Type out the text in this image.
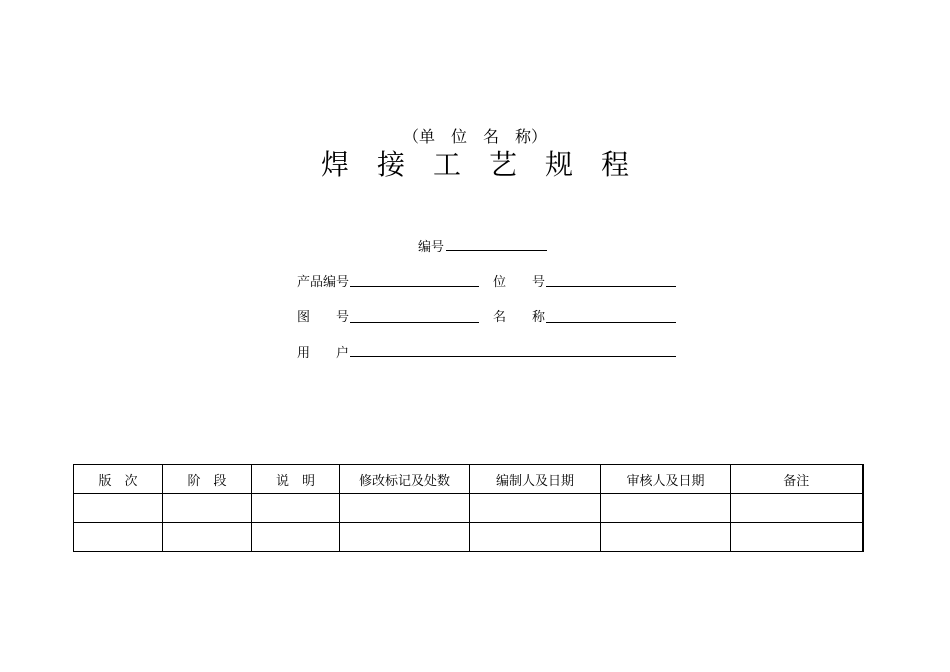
（单　位　名　称）
焊　接　工　艺　规　程
编号
产品编号	位　　号
图　　号	名　　称
用　　户
版　次	阶　段	说　明	修改标记及处数	编制人及日期	审核人及日期	备注
